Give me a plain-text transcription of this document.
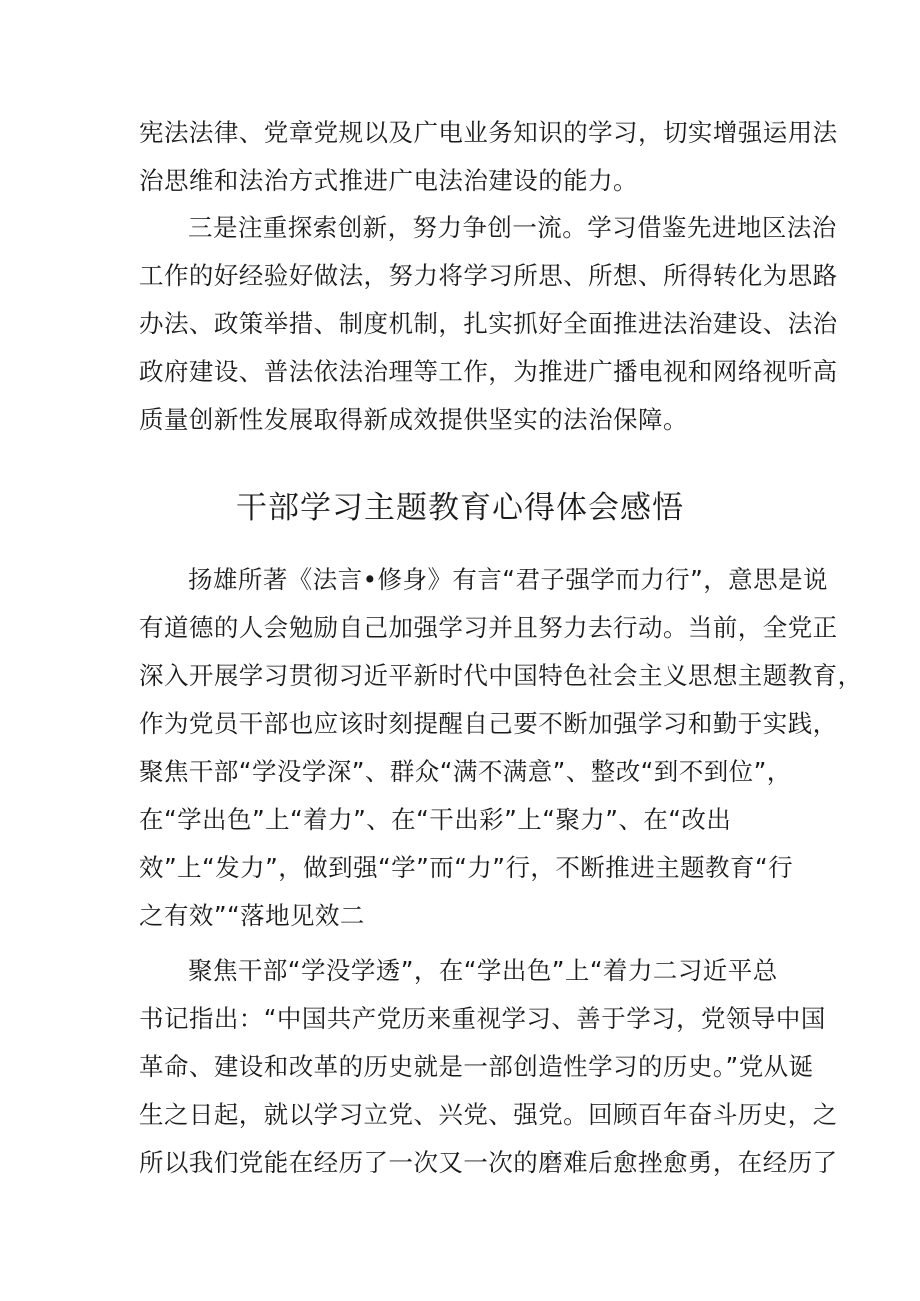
宪法法律、党章党规以及广电业务知识的学习，切实增强运用法
治思维和法治方式推进广电法治建设的能力。
三是注重探索创新，努力争创一流。学习借鉴先进地区法治
工作的好经验好做法，努力将学习所思、所想、所得转化为思路
办法、政策举措、制度机制，扎实抓好全面推进法治建设、法治
政府建设、普法依法治理等工作，为推进广播电视和网络视听高
质量创新性发展取得新成效提供坚实的法治保障。
干部学习主题教育心得体会感悟
扬雄所著《法言•修身》有言“君子强学而力行”，意思是说
有道德的人会勉励自己加强学习并且努力去行动。当前，全党正
深入开展学习贯彻习近平新时代中国特色社会主义思想主题教育，
作为党员干部也应该时刻提醒自己要不断加强学习和勤于实践，
聚焦干部“学没学深”、群众“满不满意”、整改“到不到位”，
在“学出色”上“着力”、在“干出彩”上“聚力”、在“改出
效”上“发力”，做到强“学”而“力”行，不断推进主题教育“行
之有效”“落地见效二
聚焦干部“学没学透”，在“学出色”上“着力二习近平总
书记指出：“中国共产党历来重视学习、善于学习，党领导中国
革命、建设和改革的历史就是一部创造性学习的历史。”党从诞
生之日起，就以学习立党、兴党、强党。回顾百年奋斗历史，之
所以我们党能在经历了一次又一次的磨难后愈挫愈勇，在经历了
